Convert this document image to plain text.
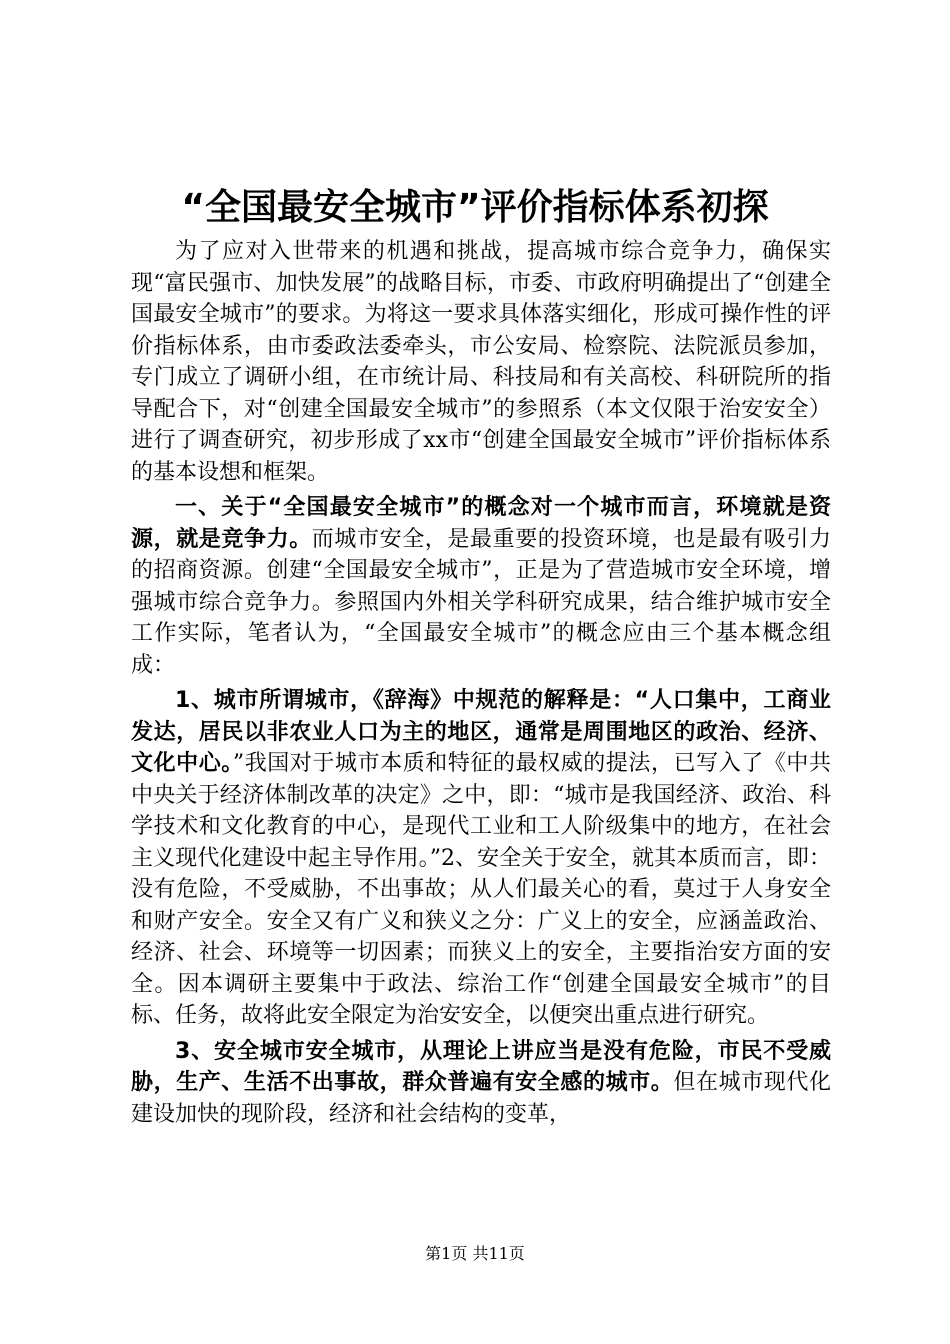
“全国最安全城市”评价指标体系初探

为了应对入世带来的机遇和挑战，提高城市综合竞争力，确保实现“富民强市、加快发展”的战略目标，市委、市政府明确提出了“创建全国最安全城市”的要求。为将这一要求具体落实细化，形成可操作性的评价指标体系，由市委政法委牵头，市公安局、检察院、法院派员参加，专门成立了调研小组，在市统计局、科技局和有关高校、科研院所的指导配合下，对“创建全国最安全城市”的参照系（本文仅限于治安安全）进行了调查研究，初步形成了xx市“创建全国最安全城市”评价指标体系的基本设想和框架。

一、关于“全国最安全城市”的概念对一个城市而言，环境就是资源，就是竞争力。而城市安全，是最重要的投资环境，也是最有吸引力的招商资源。创建“全国最安全城市”，正是为了营造城市安全环境，增强城市综合竞争力。参照国内外相关学科研究成果，结合维护城市安全工作实际，笔者认为，“全国最安全城市”的概念应由三个基本概念组成：

1、城市所谓城市，《辞海》中规范的解释是：“人口集中，工商业发达，居民以非农业人口为主的地区，通常是周围地区的政治、经济、文化中心。”我国对于城市本质和特征的最权威的提法，已写入了《中共中央关于经济体制改革的决定》之中，即：“城市是我国经济、政治、科学技术和文化教育的中心，是现代工业和工人阶级集中的地方，在社会主义现代化建设中起主导作用。”2、安全关于安全，就其本质而言，即：没有危险，不受威胁，不出事故；从人们最关心的看，莫过于人身安全和财产安全。安全又有广义和狭义之分：广义上的安全，应涵盖政治、经济、社会、环境等一切因素；而狭义上的安全，主要指治安方面的安全。因本调研主要集中于政法、综治工作“创建全国最安全城市”的目标、任务，故将此安全限定为治安安全，以便突出重点进行研究。

3、安全城市安全城市，从理论上讲应当是没有危险，市民不受威胁，生产、生活不出事故，群众普遍有安全感的城市。但在城市现代化建设加快的现阶段，经济和社会结构的变革，

第1页 共11页
